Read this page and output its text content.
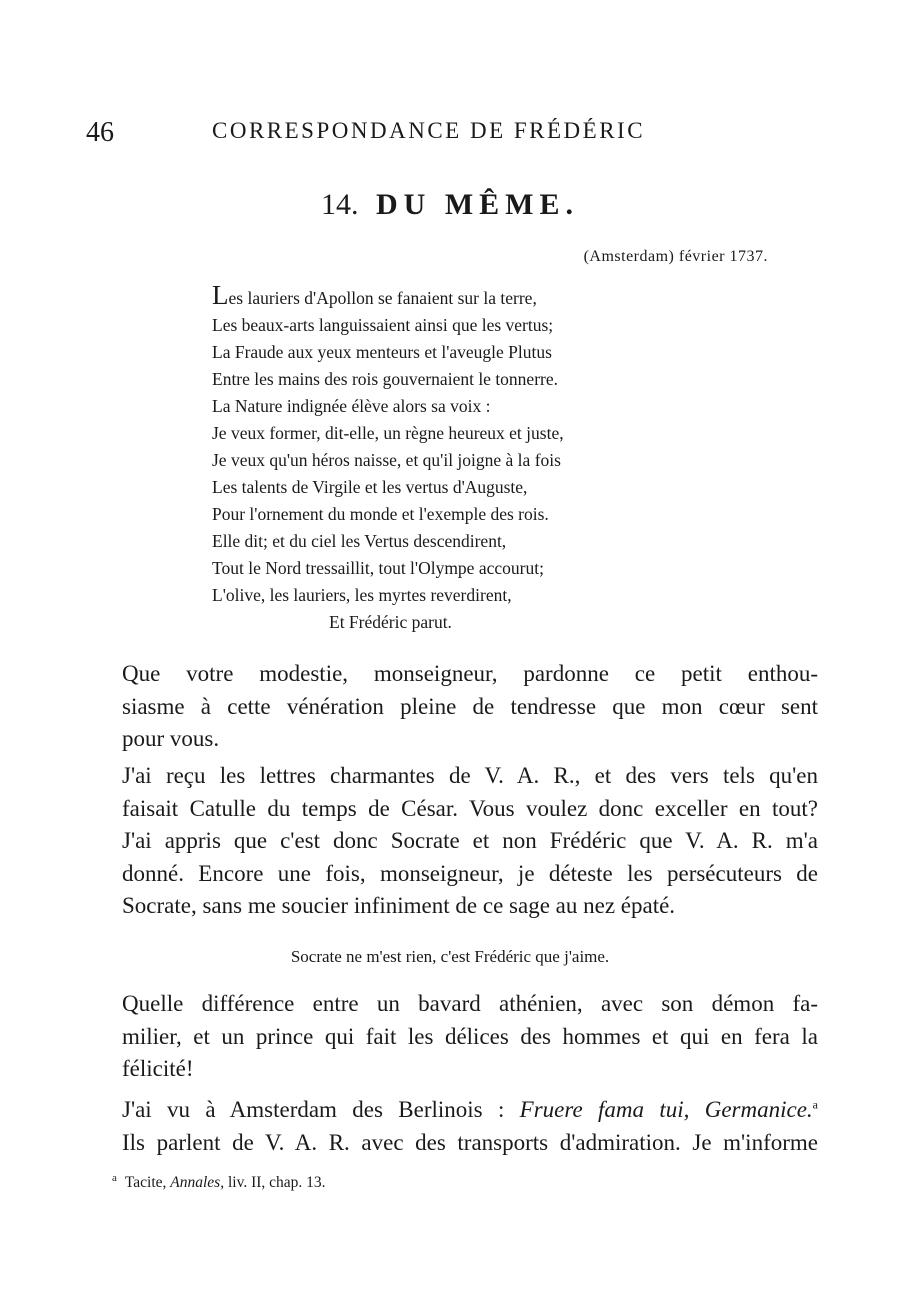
46	CORRESPONDANCE DE FRÉDÉRIC
14. DU MÊME.
(Amsterdam) février 1737.
Les lauriers d'Apollon se fanaient sur la terre,
Les beaux-arts languissaient ainsi que les vertus;
La Fraude aux yeux menteurs et l'aveugle Plutus
Entre les mains des rois gouvernaient le tonnerre.
La Nature indignée élève alors sa voix :
Je veux former, dit-elle, un règne heureux et juste,
Je veux qu'un héros naisse, et qu'il joigne à la fois
Les talents de Virgile et les vertus d'Auguste,
Pour l'ornement du monde et l'exemple des rois.
Elle dit; et du ciel les Vertus descendirent,
Tout le Nord tressaillit, tout l'Olympe accourut;
L'olive, les lauriers, les myrtes reverdirent,
Et Frédéric parut.
Que votre modestie, monseigneur, pardonne ce petit enthou-
siasme à cette vénération pleine de tendresse que mon cœur sent
pour vous.
J'ai reçu les lettres charmantes de V. A. R., et des vers tels qu'en
faisait Catulle du temps de César. Vous voulez donc exceller en tout?
J'ai appris que c'est donc Socrate et non Frédéric que V. A. R. m'a
donné. Encore une fois, monseigneur, je déteste les persécuteurs de
Socrate, sans me soucier infiniment de ce sage au nez épaté.
Socrate ne m'est rien, c'est Frédéric que j'aime.
Quelle différence entre un bavard athénien, avec son démon fa-
milier, et un prince qui fait les délices des hommes et qui en fera la
félicité!
J'ai vu à Amsterdam des Berlinois : Fruere fama tui, Germanice.$^a$
Ils parlent de V. A. R. avec des transports d'admiration. Je m'informe
$^a$ Tacite, Annales, liv. II, chap. 13.
